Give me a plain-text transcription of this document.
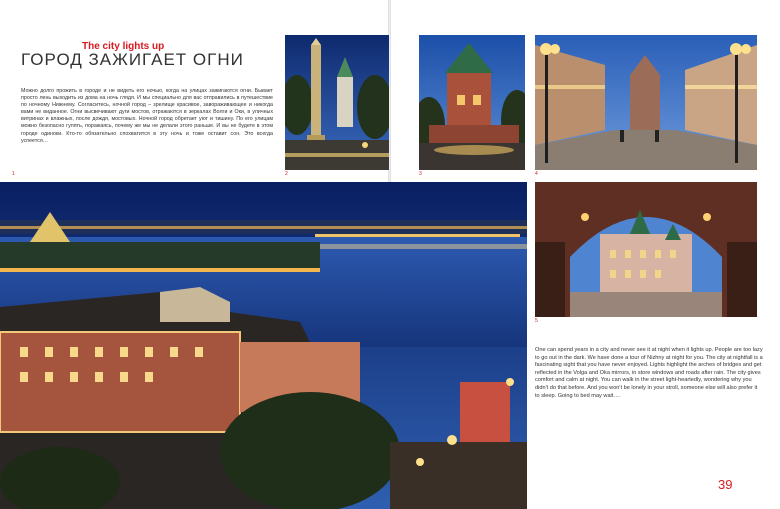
The city lights up
ГОРОД ЗАЖИГАЕТ ОГНИ
Можно долго прожить в городе и не видеть его ночью, когда на улицах зажигаются огни. Бывает просто лень выходить из дома на ночь глядя. И мы специально для вас отправились в путешествие по ночному Нижнему. Согласитесь, ночной город – зрелище красивое, завораживающее и никогда вами не виданное. Огни высвечивают дуги мостов, отражаются в зеркалах Волги и Оки, в уличных витринах и влажных, после дождя, мостовых. Ночной город обретает уют и тишину. По его улицам можно безопасно гулять, поражаясь, почему же мы не делали этого раньше. И вы не будете в этом городе одиноки. Кто-то обязательно спохватится в эту ночь и тоже оставит сон. Это всегда успеется…
1	2	3	4
5
One can spend years in a city and never see it at night when it lights up. People are too lazy to go out in the dark. We have done a tour of Nizhny at night for you. The city at nightfall is a fascinating sight that you have never enjoyed. Lights highlight the arches of bridges and get reflected in the Volga and Oka mirrors, in store windows and roads after rain. The city gives comfort and calm at night. You can walk in the street light-heartedly, wondering why you didn't do that before. And you won't be lonely in your stroll, someone else will also prefer it to sleep. Going to bed may wait….
39
